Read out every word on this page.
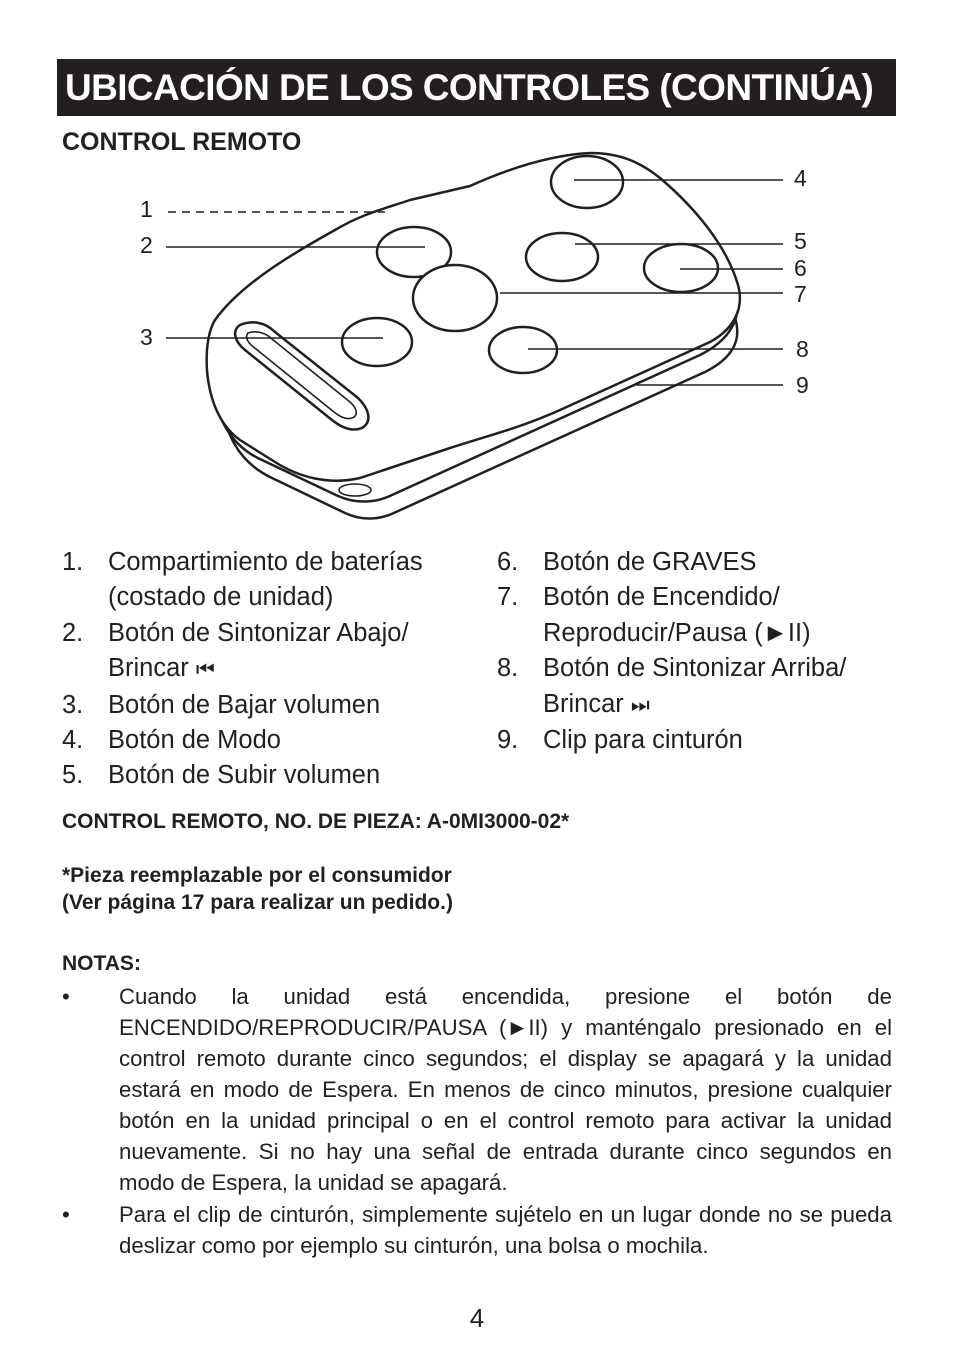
UBICACIÓN DE LOS CONTROLES (CONTINÚA)
CONTROL REMOTO
1
2
3
4
5
6
7
8
9
1. Compartimiento de baterías
(costado de unidad)
2. Botón de Sintonizar Abajo/
Brincar ⏮
3. Botón de Bajar volumen
4. Botón de Modo
5. Botón de Subir volumen
6. Botón de GRAVES
7. Botón de Encendido/
Reproducir/Pausa (►II)
8. Botón de Sintonizar Arriba/
Brincar ⏭
9. Clip para cinturón
CONTROL REMOTO, NO. DE PIEZA: A-0MI3000-02*
*Pieza reemplazable por el consumidor
(Ver página 17 para realizar un pedido.)
NOTAS:
•	Cuando la unidad está encendida, presione el botón de ENCENDIDO/REPRODUCIR/PAUSA (►II) y manténgalo presionado en el control remoto durante cinco segundos; el display se apagará y la unidad estará en modo de Espera. En menos de cinco minutos, presione cualquier botón en la unidad principal o en el control remoto para activar la unidad nuevamente. Si no hay una señal de entrada durante cinco segundos en modo de Espera, la unidad se apagará.
•	Para el clip de cinturón, simplemente sujételo en un lugar donde no se pueda deslizar como por ejemplo su cinturón, una bolsa o mochila.
4
